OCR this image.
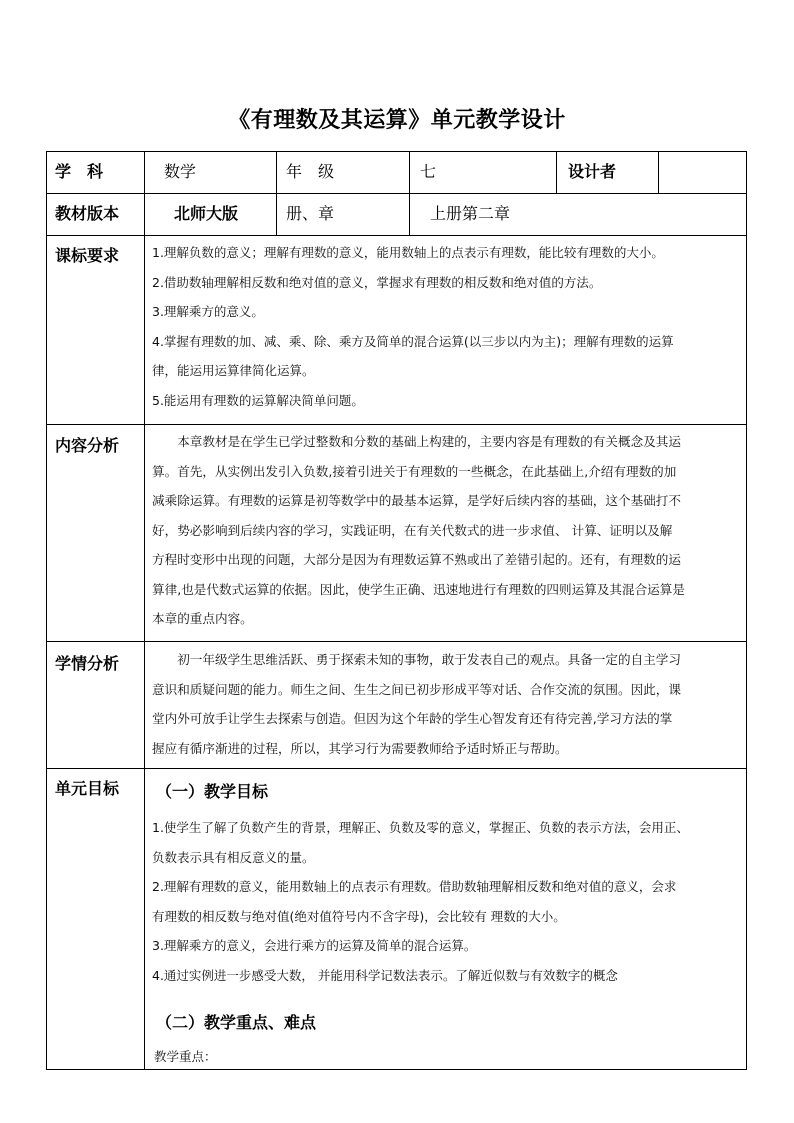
《有理数及其运算》单元教学设计
学　科	数学	年　级	七	设计者
教材版本	北师大版	册、章	上册第二章
课标要求	1.理解负数的意义；理解有理数的意义，能用数轴上的点表示有理数，能比较有理数的大小。

2.借助数轴理解相反数和绝对值的意义，掌握求有理数的相反数和绝对值的方法。

3.理解乘方的意义。

4.掌握有理数的加、减、乘、除、乘方及简单的混合运算(以三步以内为主)；理解有理数的运算

律，能运用运算律简化运算。

5.能运用有理数的运算解决简单问题。

内容分析	　　本章教材是在学生已学过整数和分数的基础上构建的，主要内容是有理数的有关概念及其运

算。首先，从实例出发引入负数,接着引进关于有理数的一些概念，在此基础上,介绍有理数的加

减乘除运算。有理数的运算是初等数学中的最基本运算，是学好后续内容的基础，这个基础打不

好，势必影响到后续内容的学习，实践证明，在有关代数式的进一步求值、 计算、证明以及解

方程时变形中出现的问题，大部分是因为有理数运算不熟或出了差错引起的。还有，有理数的运

算律,也是代数式运算的依据。因此，使学生正确、迅速地进行有理数的四则运算及其混合运算是

本章的重点内容。

学情分析	　　初一年级学生思维活跃、勇于探索未知的事物，敢于发表自己的观点。具备一定的自主学习

意识和质疑问题的能力。师生之间、生生之间已初步形成平等对话、合作交流的氛围。因此，课

堂内外可放手让学生去探索与创造。但因为这个年龄的学生心智发育还有待完善,学习方法的掌

握应有循序渐进的过程，所以，其学习行为需要教师给予适时矫正与帮助。

单元目标 （一）教学目标

1.使学生了解了负数产生的背景，理解正、负数及零的意义，掌握正、负数的表示方法，会用正、

负数表示具有相反意义的量。

2.理解有理数的意义，能用数轴上的点表示有理数。借助数轴理解相反数和绝对值的意义，会求

有理数的相反数与绝对值(绝对值符号内不含字母)，会比较有 理数的大小。

3.理解乘方的意义，会进行乘方的运算及简单的混合运算。

4.通过实例进一步感受大数， 并能用科学记数法表示。了解近似数与有效数字的概念

（二）教学重点、难点
教学重点：
